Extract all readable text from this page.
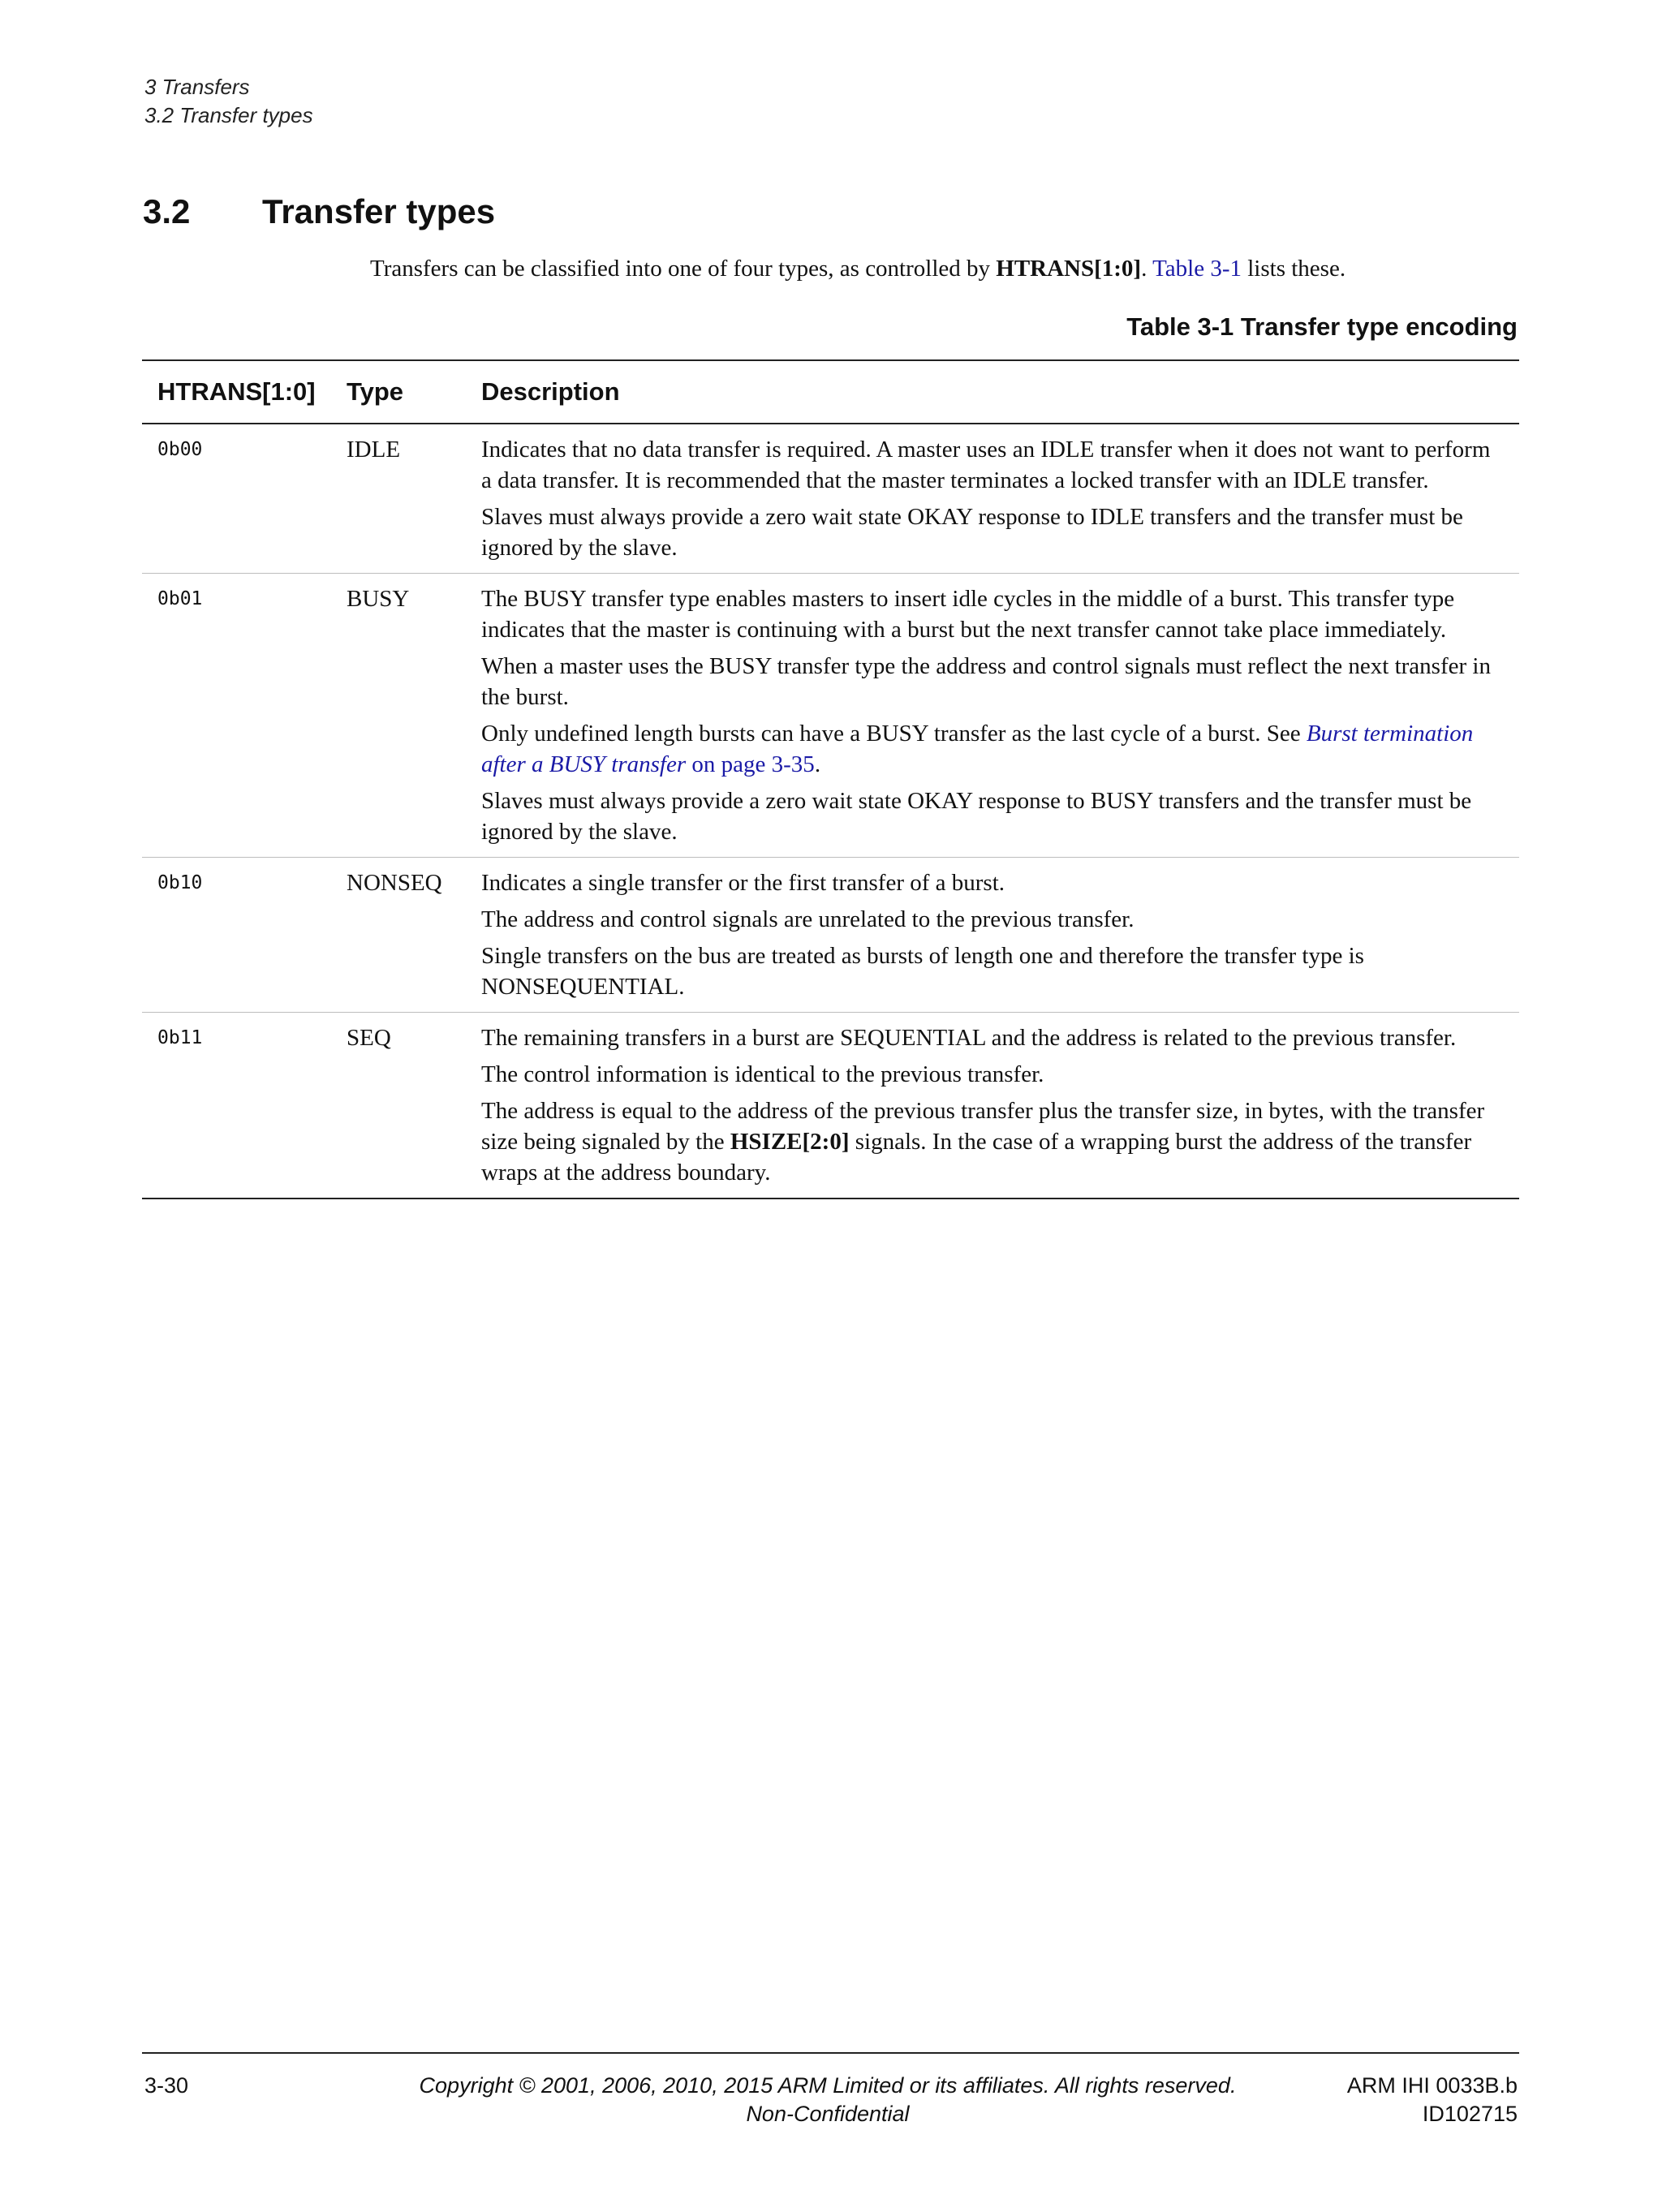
3 Transfers
3.2 Transfer types
3.2 Transfer types

Transfers can be classified into one of four types, as controlled by HTRANS[1:0]. Table 3-1 lists these.

Table 3-1 Transfer type encoding
HTRANS[1:0]	Type	Description
0b00	IDLE	Indicates that no data transfer is required. A master uses an IDLE transfer when it does not want to perform a data transfer. It is recommended that the master terminates a locked transfer with an IDLE transfer.

Slaves must always provide a zero wait state OKAY response to IDLE transfers and the transfer must be ignored by the slave.

0b01	BUSY	The BUSY transfer type enables masters to insert idle cycles in the middle of a burst. This transfer type indicates that the master is continuing with a burst but the next transfer cannot take place immediately.

When a master uses the BUSY transfer type the address and control signals must reflect the next transfer in the burst.

Only undefined length bursts can have a BUSY transfer as the last cycle of a burst. See Burst termination after a BUSY transfer on page 3-35.

Slaves must always provide a zero wait state OKAY response to BUSY transfers and the transfer must be ignored by the slave.

0b10	NONSEQ	Indicates a single transfer or the first transfer of a burst.

The address and control signals are unrelated to the previous transfer.

Single transfers on the bus are treated as bursts of length one and therefore the transfer type is NONSEQUENTIAL.

0b11	SEQ	The remaining transfers in a burst are SEQUENTIAL and the address is related to the previous transfer.

The control information is identical to the previous transfer.

The address is equal to the address of the previous transfer plus the transfer size, in bytes, with the transfer size being signaled by the HSIZE[2:0] signals. In the case of a wrapping burst the address of the transfer wraps at the address boundary.

3-30	Copyright © 2001, 2006, 2010, 2015 ARM Limited or its affiliates. All rights reserved.
Non-Confidential
ARM IHI 0033B.b
ID102715
